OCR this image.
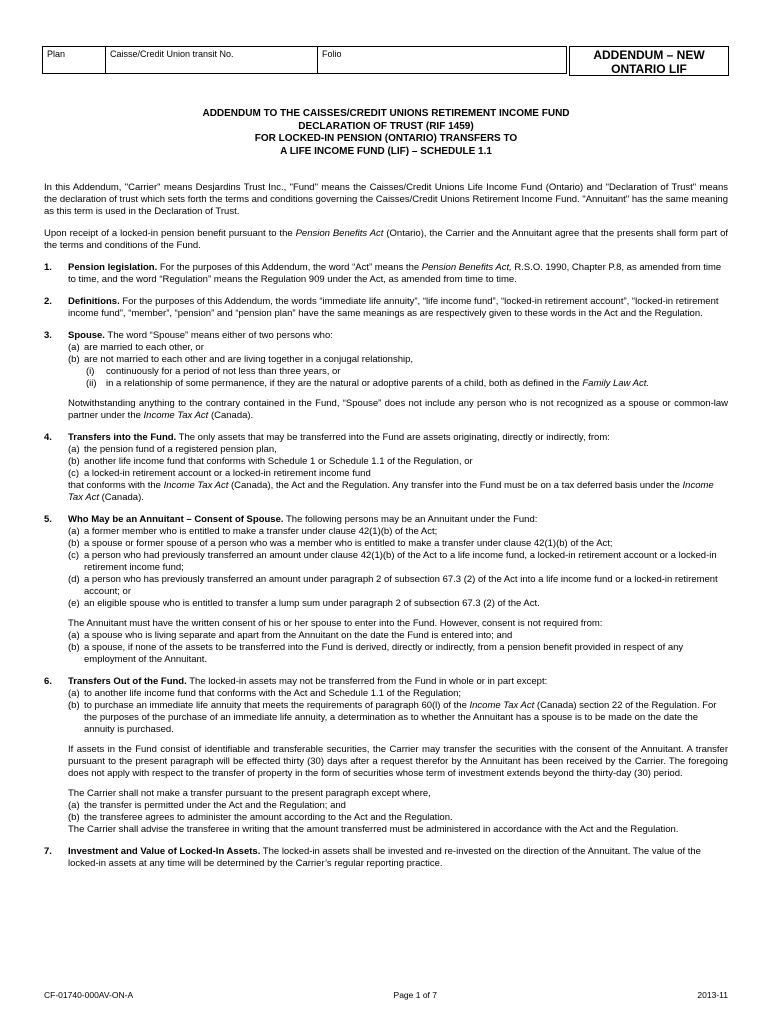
Plan	Caisse/Credit Union transit No.	Folio	ADDENDUM – NEW
ONTARIO LIF
ADDENDUM TO THE CAISSES/CREDIT UNIONS RETIREMENT INCOME FUND
DECLARATION OF TRUST (RIF 1459)
FOR LOCKED-IN PENSION (ONTARIO) TRANSFERS TO
A LIFE INCOME FUND (LIF) – SCHEDULE 1.1

In this Addendum, "Carrier" means Desjardins Trust Inc., "Fund" means the Caisses/Credit Unions Life Income Fund (Ontario) and "Declaration of Trust" means the declaration of trust which sets forth the terms and conditions governing the Caisses/Credit Unions Retirement Income Fund. "Annuitant" has the same meaning as this term is used in the Declaration of Trust.

Upon receipt of a locked-in pension benefit pursuant to the Pension Benefits Act (Ontario), the Carrier and the Annuitant agree that the presents shall form part of the terms and conditions of the Fund.

1. Pension legislation. For the purposes of this Addendum, the word “Act” means the Pension Benefits Act, R.S.O. 1990, Chapter P.8, as amended from time to time, and the word “Regulation” means the Regulation 909 under the Act, as amended from time to time.
2. Definitions. For the purposes of this Addendum, the words “immediate life annuity”, “life income fund”, “locked-in retirement account”, “locked-in retirement income fund”, “member”, “pension” and “pension plan” have the same meanings as are respectively given to these words in the Act and the Regulation.
3. Spouse. The word “Spouse” means either of two persons who:
(a) are married to each other, or
(b) are not married to each other and are living together in a conjugal relationship,
(i) continuously for a period of not less than three years, or
(ii) in a relationship of some permanence, if they are the natural or adoptive parents of a child, both as defined in the Family Law Act.
Notwithstanding anything to the contrary contained in the Fund, “Spouse” does not include any person who is not recognized as a spouse or common-law partner under the Income Tax Act (Canada).
4. Transfers into the Fund. The only assets that may be transferred into the Fund are assets originating, directly or indirectly, from:
(a) the pension fund of a registered pension plan,
(b) another life income fund that conforms with Schedule 1 or Schedule 1.1 of the Regulation, or
(c) a locked-in retirement account or a locked-in retirement income fund
that conforms with the Income Tax Act (Canada), the Act and the Regulation. Any transfer into the Fund must be on a tax deferred basis under the Income Tax Act (Canada).
5. Who May be an Annuitant – Consent of Spouse. The following persons may be an Annuitant under the Fund:
(a) a former member who is entitled to make a transfer under clause 42(1)(b) of the Act;
(b) a spouse or former spouse of a person who was a member who is entitled to make a transfer under clause 42(1)(b) of the Act;
(c) a person who had previously transferred an amount under clause 42(1)(b) of the Act to a life income fund, a locked-in retirement account or a locked-in retirement income fund;
(d) a person who has previously transferred an amount under paragraph 2 of subsection 67.3 (2) of the Act into a life income fund or a locked-in retirement account; or
(e) an eligible spouse who is entitled to transfer a lump sum under paragraph 2 of subsection 67.3 (2) of the Act.
The Annuitant must have the written consent of his or her spouse to enter into the Fund. However, consent is not required from:
(a) a spouse who is living separate and apart from the Annuitant on the date the Fund is entered into; and
(b) a spouse, if none of the assets to be transferred into the Fund is derived, directly or indirectly, from a pension benefit provided in respect of any employment of the Annuitant.
6. Transfers Out of the Fund. The locked-in assets may not be transferred from the Fund in whole or in part except:
(a) to another life income fund that conforms with the Act and Schedule 1.1 of the Regulation;
(b) to purchase an immediate life annuity that meets the requirements of paragraph 60(l) of the Income Tax Act (Canada) section 22 of the Regulation. For the purposes of the purchase of an immediate life annuity, a determination as to whether the Annuitant has a spouse is to be made on the date the annuity is purchased.
If assets in the Fund consist of identifiable and transferable securities, the Carrier may transfer the securities with the consent of the Annuitant. A transfer pursuant to the present paragraph will be effected thirty (30) days after a request therefor by the Annuitant has been received by the Carrier. The foregoing does not apply with respect to the transfer of property in the form of securities whose term of investment extends beyond the thirty-day (30) period.
The Carrier shall not make a transfer pursuant to the present paragraph except where,
(a) the transfer is permitted under the Act and the Regulation; and
(b) the transferee agrees to administer the amount according to the Act and the Regulation.
The Carrier shall advise the transferee in writing that the amount transferred must be administered in accordance with the Act and the Regulation.
7. Investment and Value of Locked-In Assets. The locked-in assets shall be invested and re-invested on the direction of the Annuitant. The value of the locked-in assets at any time will be determined by the Carrier’s regular reporting practice.
CF-01740-000AV-ON-A	Page 1 of 7	2013-11
